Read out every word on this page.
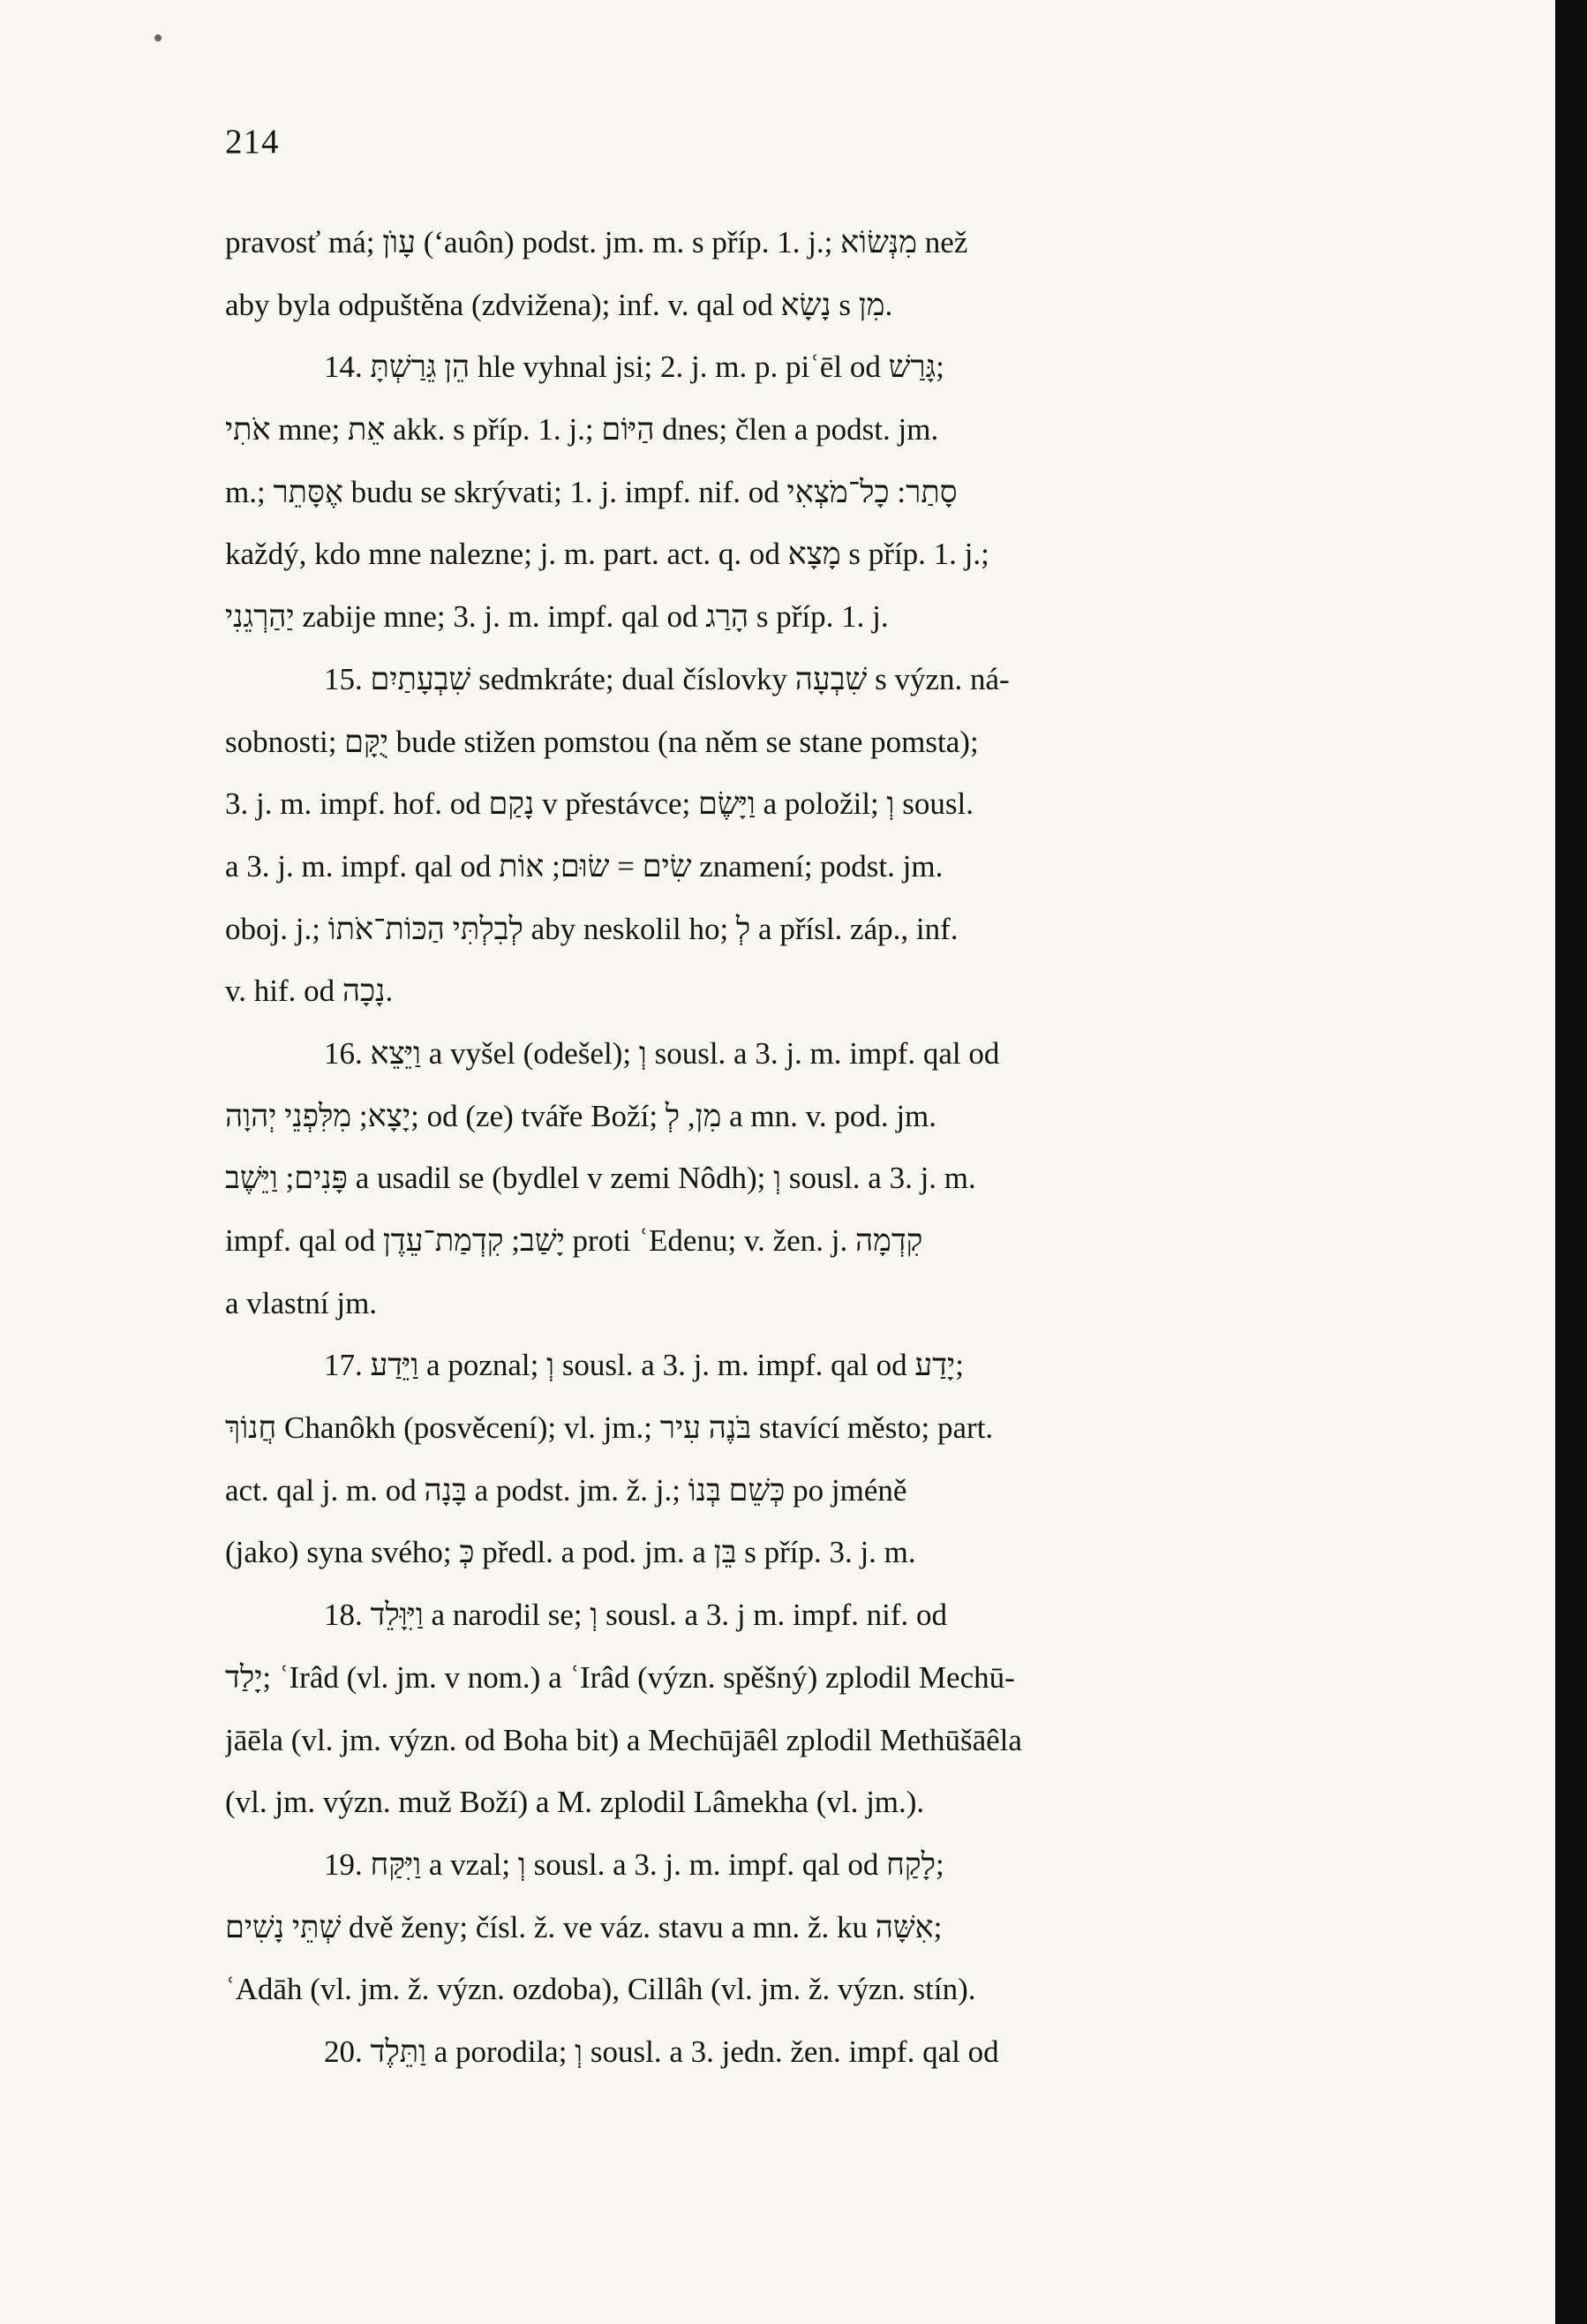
214
pravosť má; עָוֺן (‘auôn) podst. jm. m. s příp. 1. j.; מִנְּשׂוֹא než
aby byla odpuštěna (zdvižena); inf. v. qal od נָשָׂא s מִן.
14. הֵן גֵּרַשְׁתָּ hle vyhnal jsi; 2. j. m. p. piʿēl od גָּרַשׁ;
אֹתִי mne; אֵת akk. s příp. 1. j.; הַיּוֹם dnes; člen a podst. jm.
m.; אֶסָּתֵר budu se skrývati; 1. j. impf. nif. od סָתַר: כָל־מֹצְאִי
každý, kdo mne nalezne; j. m. part. act. q. od מָצָא s příp. 1. j.;
יַהַרְגֵנִי zabije mne; 3. j. m. impf. qal od הָרַג s příp. 1. j.
15. שִׁבְעָתַיִם sedmkráte; dual číslovky שִׁבְעָה s význ. ná-
sobnosti; יֻקָּם bude stižen pomstou (na něm se stane pomsta);
3. j. m. impf. hof. od נָקַם v přestávce; וַיָּשֶׂם a položil; וְ sousl.
a 3. j. m. impf. qal od שִׂים = שׂוּם; אוֹת znamení; podst. jm.
oboj. j.; לְבִלְתִּי הַכּוֹת־אֹתוֹ aby neskolil ho; לְ a přísl. záp., inf.
v. hif. od נָכָה.
16. וַיֵּצֵא a vyšel (odešel); וְ sousl. a 3. j. m. impf. qal od
יָצָא; מִלִּפְנֵי יְהוָה; od (ze) tváře Boží; מִן, לְ a mn. v. pod. jm.
פָּנִים; וַיֵּשֶׁב a usadil se (bydlel v zemi Nôdh); וְ sousl. a 3. j. m.
impf. qal od יָשַׁב; קִדְמַת־עֵדֶן proti ʿEdenu; v. žen. j. קִדְמָה
a vlastní jm.
17. וַיֵּדַע a poznal; וְ sousl. a 3. j. m. impf. qal od יָדַע;
חֲנוֹךְ Chanôkh (posvěcení); vl. jm.; בֹּנֶה עִיר stavící město; part.
act. qal j. m. od בָּנָה a podst. jm. ž. j.; כְּשֵׁם בְּנוֹ po jméně
(jako) syna svého; כְּ předl. a pod. jm. a בֵּן s příp. 3. j. m.
18. וַיִּוָּלֵד a narodil se; וְ sousl. a 3. j m. impf. nif. od
יָלַד; ʿIrâd (vl. jm. v nom.) a ʿIrâd (význ. spěšný) zplodil Mechū-
jāēla (vl. jm. význ. od Boha bit) a Mechūjāêl zplodil Methūšāêla
(vl. jm. význ. muž Boží) a M. zplodil Lâmekha (vl. jm.).
19. וַיִּקַּח a vzal; וְ sousl. a 3. j. m. impf. qal od לָקַח;
שְׁתֵּי נָשִׁים dvě ženy; čísl. ž. ve váz. stavu a mn. ž. ku אִשָּׁה;
ʿAdāh (vl. jm. ž. význ. ozdoba), Cillâh (vl. jm. ž. význ. stín).
20. וַתֵּלֶד a porodila; וְ sousl. a 3. jedn. žen. impf. qal od
